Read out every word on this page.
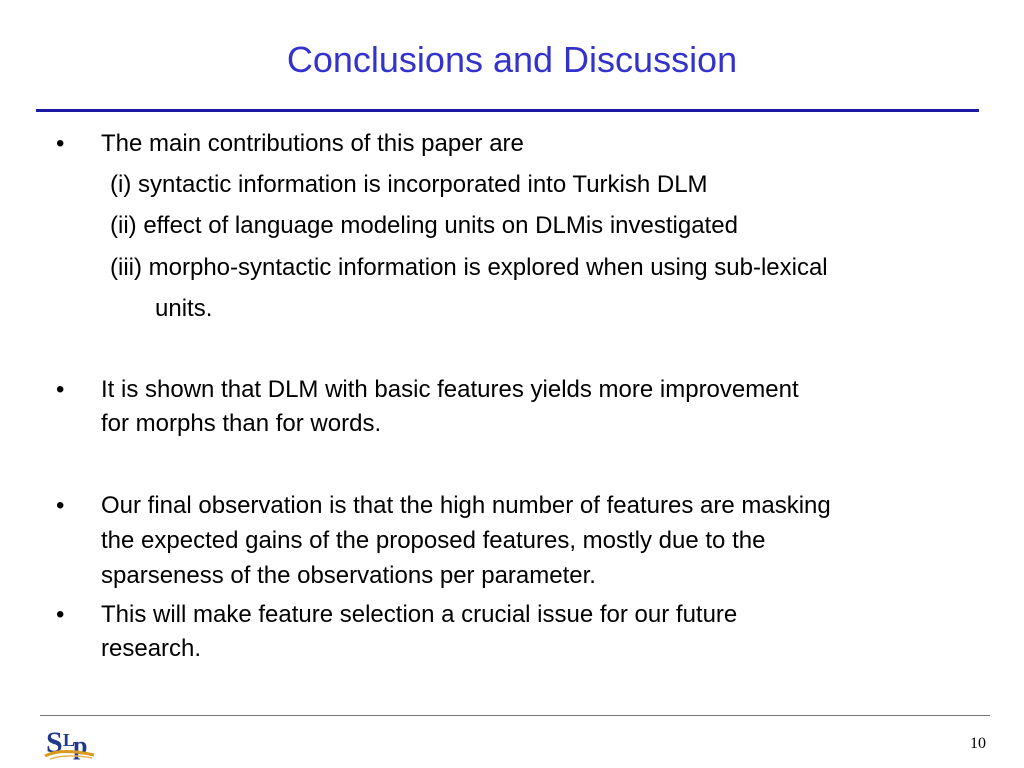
Conclusions and Discussion
•	The main contributions of this paper are
(i) syntactic information is incorporated into Turkish DLM
(ii) effect of language modeling units on DLMis investigated
(iii) morpho-syntactic information is explored when using sub-lexical
units.
•	It is shown that DLM with basic features yields more improvement
for morphs than for words.
•	Our final observation is that the high number of features are masking
the expected gains of the proposed features, mostly due to the
sparseness of the observations per parameter.
•	This will make feature selection a crucial issue for our future
research.
S L
p	10
